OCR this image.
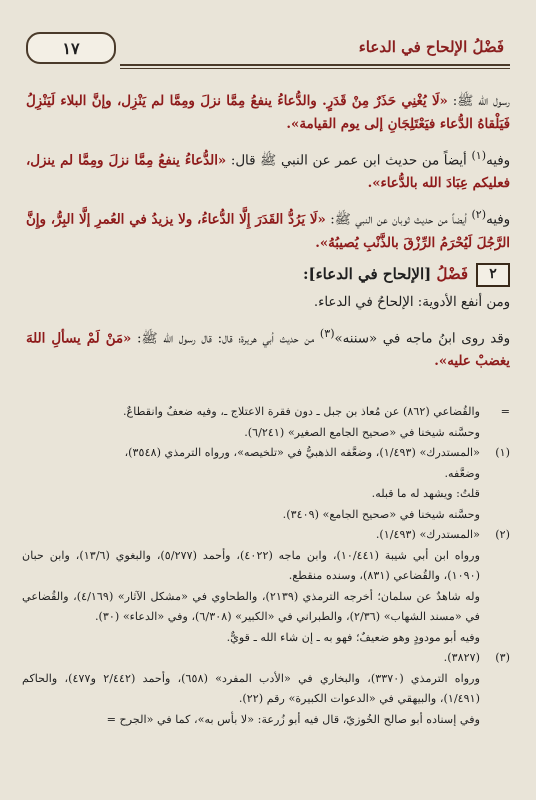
فَضْلُ الإلحاح في الدعاء
١٧

رسول الله ﷺ: «لَا يُغْنِي حَذَرٌ مِنْ قَدَرٍ. والدُّعاءُ ينفعُ مِمَّا نزلَ ومِمَّا لم يَنْزِل، وإنَّ البلاء لَيَنْزِلُ فَيَلْقاهُ الدُّعاء فيَعْتَلِجَانِ إلى يوم القيامة».

وفيه$^{(١)}$ أيضاً من حديث ابن عمر عن النبي ﷺ قال: «الدُّعاءُ ينفعُ مِمَّا نزلَ ومِمَّا لم ينزل، فعليكم عِبَادَ الله بالدُّعاء».

وفيه$^{(٢)}$ أيضاً من حديث ثوبان عن النبي ﷺ: «لَا يَرُدُّ القَدَرَ إِلَّا الدُّعاءُ، ولا يزيدُ في العُمرِ إلَّا البِرُّ، وإِنَّ الرَّجُلَ لَيُحْرَمُ الرِّزْقَ بالذَّنْبِ يُصيبُهُ».

٢
فَضْلُ [الإلحاح في الدعاء]:

ومن أنفع الأدوية: الإلحاحُ في الدعاء.

وقد روى ابنُ ماجه في «سننه»$^{(٣)}$ من حديث أبي هريرة؛ قال: قال رسول الله ﷺ: «مَنْ لَمْ يسألِ اللهَ يغضبْ عليه».

=
والقُضاعي (٨٦٢) عن مُعاذ بن جبل ـ دون فقرة الاعتلاج ـ، وفيه ضعفٌ وانقطاعٌ.
وحسَّنه شيخنا في «صحيح الجامع الصغير» (٦/٢٤١).
(١)
«المستدرك» (١/٤٩٣)، وضعَّفه الذهبيُّ في «تلخيصه»، ورواه الترمذي (٣٥٤٨)،
وضعَّفه.
قلتُ: ويشهد له ما قبله.
وحسَّنه شيخنا في «صحيح الجامع» (٣٤٠٩).
(٢)
«المستدرك» (١/٤٩٣).
ورواه ابن أبي شيبة (١٠/٤٤١)، وابن ماجه (٤٠٢٢)، وأحمد (٥/٢٧٧)، والبغوي (١٣/٦)، وابن حبان (١٠٩٠)، والقُضاعي (٨٣١)، وسنده منقطع.
وله شاهدٌ عن سلمان؛ أخرجه الترمذي (٢١٣٩)، والطحاوي في «مشكل الآثار» (٤/١٦٩)، والقُضاعي في «مسند الشهاب» (٢/٣٦)، والطبراني في «الكبير» (٦/٣٠٨)، وفي «الدعاء» (٣٠).
وفيه أبو مودودٍ وهو ضعيفٌ؛ فهو به ـ إن شاء الله ـ قويٌّ.
(٣)
(٣٨٢٧).
ورواه الترمذي (٣٣٧٠)، والبخاري في «الأدب المفرد» (٦٥٨)، وأحمد (٢/٤٤٢ و٤٧٧)، والحاكم (١/٤٩١)، والبيهقي في «الدعوات الكبيرة» رقم (٢٢).
وفي إسناده أبو صالح الخُوزيّ، قال فيه أبو زُرعة: «لا بأس به»، كما في «الجرح =
